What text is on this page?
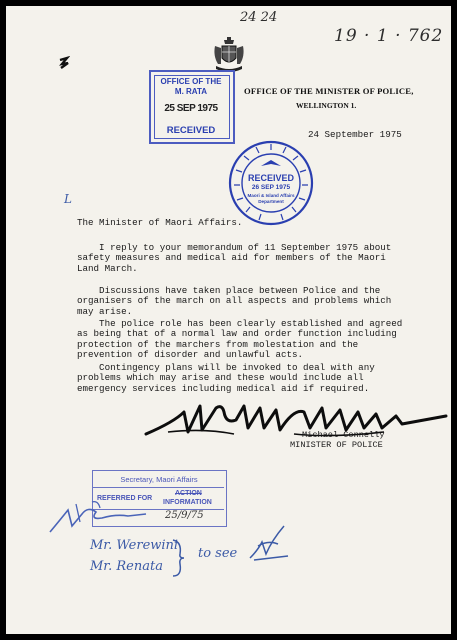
24 24
19 · 1 · 762
OFFICE OF THE MINISTER OF POLICE,
WELLINGTON 1.
OFFICE OF THE
M. RATA
25 SEP 1975
RECEIVED	24 September 1975
RECEIVED
26 SEP 1975
Maori & Island Affairs
Department
L
The Minister of Maori Affairs.
I reply to your memorandum of 11 September 1975 about
safety measures and medical aid for members of the Maori
Land March.
Discussions have taken place between Police and the
organisers of the march on all aspects and problems which
may arise.
The police role has been clearly established and agreed
as being that of a normal law and order function including
protection of the marchers from molestation and the
prevention of disorder and unlawful acts.
Contingency plans will be invoked to deal with any
problems which may arise and these would include all
emergency services including medical aid if required.
Michael Connelly
MINISTER OF POLICE
Secretary, Maori Affairs
REFERRED FOR
ACTION
INFORMATION
25/9/75
Mr. Werewini
Mr. Renata
to see
